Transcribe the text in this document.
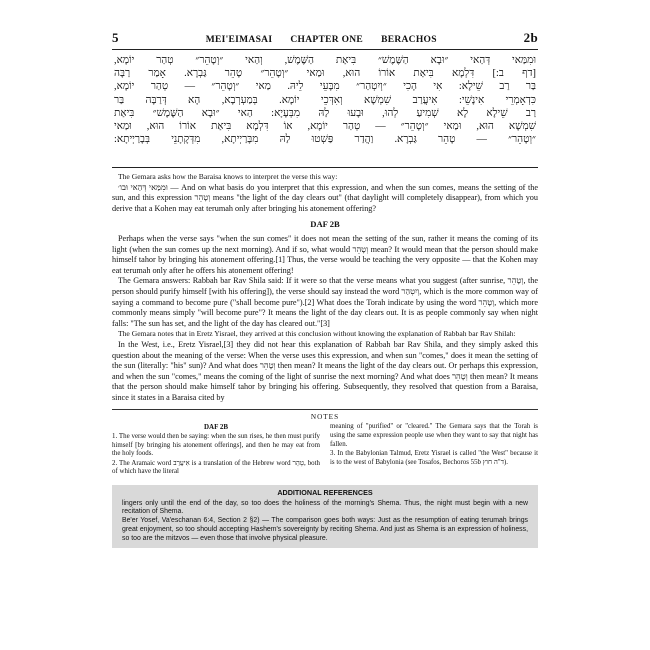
5	MEI'EIMASAI CHAPTER ONE BERACHOS	2b
וּמִמַּאי דְּהַאי ״וּבָא הַשֶּׁמֶשׁ״ בִּיאַת הַשֶּׁמֶשׁ, וְהַאי ״וְטָהֵר״ טְהַר יוֹמָא,
[דף ב:] דִּלְמָא בִּיאַת אוֹרוֹ הוּא, וּמַאי ״וְטָהֵר״ טָהֵר גַּבְרָא. אָמַר רַבָּה
בַּר רַב שֵׁילָא: אִי הָכִי ״וְיִטְהַר״ מִבָּעֵי לֵיהּ. מַאי ״וְטָהֵר״ — טְהַר יוֹמָא,
כִּדְאָמְרֵי אִינָשֵׁי: אִיעֲרַב שִׁמְשָׁא וְאִדְּכֵי יוֹמָא. בְּמַעְרְבָא, הָא דְּרַבָּה בַּר
רַב שֵׁילָא לָא שְׁמִיעַ לְהוּ, וּבָעוּ לַהּ מִבְּעָיָא: הַאי ״וּבָא הַשֶּׁמֶשׁ״ בִּיאַת
שִׁמְשָׁא הוּא, וּמַאי ״וְטָהֵר״ — טְהַר יוֹמָא, אוֹ דִּלְמָא בִּיאַת אוֹרוֹ הוּא, וּמַאי
״וְטָהֵר״ — טָהֵר גַּבְרָא. וַהֲדַר פַּשְׁטוּ לַהּ מִבָּרַיְיתָא, מִדְּקָתָנֵי בְּבָרַיְיתָא:

The Gemara asks how the Baraisa knows to interpret the verse this way:

וּמִמַּאי דְּהַאי וּבו׳ — And on what basis do you interpret that this expression, and when the sun comes, means the setting of the sun, and this expression וְטָהֵר means "the light of the day clears out" (that daylight will completely disappear), from which you derive that a Kohen may eat terumah only after bringing his atonement offering?

DAF 2B

Perhaps when the verse says "when the sun comes" it does not mean the setting of the sun, rather it means the coming of its light (when the sun comes up the next morning). And if so, what would וְטָהֵר mean? It would mean that the person should make himself tahor by bringing his atonement offering.[1] Thus, the verse would be teaching the very opposite — that the Kohen may eat terumah only after he offers his atonement offering!

The Gemara answers: Rabbah bar Rav Shila said: If it were so that the verse means what you suggest (after sunrise, וְטָהֵר, the person should purify himself [with his offering]), the verse should say instead the word וְיִטְהַר, which is the more common way of saying a command to become pure ("shall become pure").[2] What does the Torah indicate by using the word וְטָהֵר, which more commonly means simply "will become pure"? It means the light of the day clears out. It is as people commonly say when night falls: "The sun has set, and the light of the day has cleared out."[3]

The Gemara notes that in Eretz Yisrael, they arrived at this conclusion without knowing the explanation of Rabbah bar Rav Shilah:

In the West, i.e., Eretz Yisrael,[3] they did not hear this explanation of Rabbah bar Rav Shila, and they simply asked this question about the meaning of the verse: When the verse uses this expression, and when sun "comes," does it mean the setting of the sun (literally: "his" sun)? And what does וְטָהֵר then mean? It means the light of the day clears out. Or perhaps this expression, and when the sun "comes," means the coming of the light of sunrise the next morning? And what does וְטָהֵר then mean? It means that the person should make himself tahor by bringing his offering. Subsequently, they resolved that question from a Baraisa, since it states in a Baraisa cited by

NOTES
DAF 2B

1. The verse would then be saying: when the sun rises, he then must purify himself [by bringing his atonement offerings], and then he may eat from the holy foods.

2. The Aramaic word אִיעֲרַב is a translation of the Hebrew word טָהֵר, both of which have the literal

meaning of "purified" or "cleared." The Gemara says that the Torah is using the same expression people use when they want to say that night has fallen.

3. In the Babylonian Talmud, Eretz Yisrael is called "the West" because it is to the west of Babylonia (see Tosafos, Bechoros 55b ד"ה חוץ).

ADDITIONAL REFERENCES

lingers only until the end of the day, so too does the holiness of the morning's Shema. Thus, the night must begin with a new recitation of Shema.

Be'er Yosef, Va'eschanan 6:4, Section 2 §2) — The comparison goes both ways: Just as the resumption of eating terumah brings great enjoyment, so too should accepting Hashem's sovereignty by reciting Shema. And just as Shema is an expression of holiness, so too are the mitzvos — even those that involve physical pleasure.
